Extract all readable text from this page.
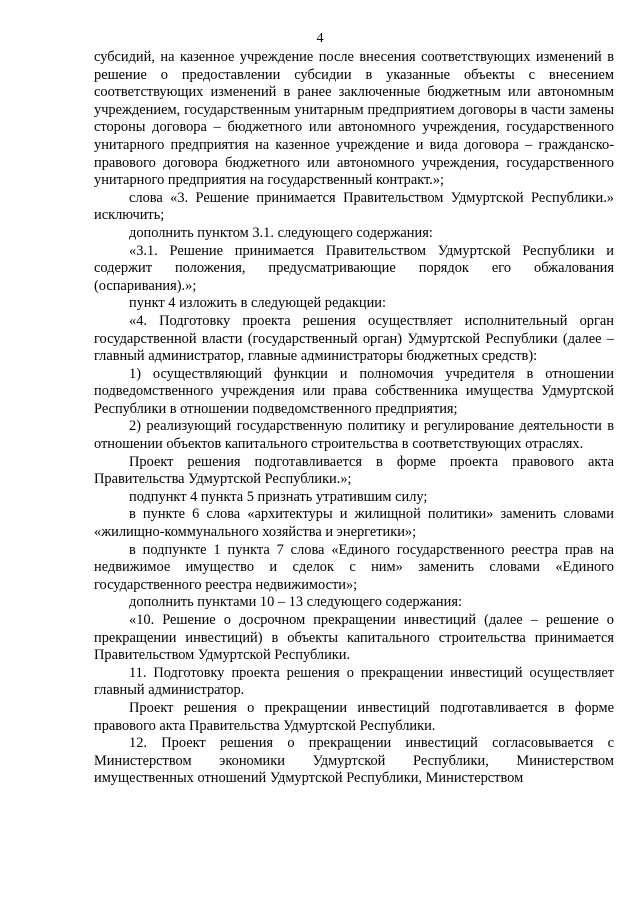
4

субсидий, на казенное учреждение после внесения соответствующих изменений в решение о предоставлении субсидии в указанные объекты с внесением соответствующих изменений в ранее заключенные бюджетным или автономным учреждением, государственным унитарным предприятием договоры в части замены стороны договора – бюджетного или автономного учреждения, государственного унитарного предприятия на казенное учреждение и вида договора – гражданско-правового договора бюджетного или автономного учреждения, государственного унитарного предприятия на государственный контракт.»;

слова «3. Решение принимается Правительством Удмуртской Республики.» исключить;

дополнить пунктом 3.1. следующего содержания:

«3.1. Решение принимается Правительством Удмуртской Республики и содержит положения, предусматривающие порядок его обжалования (оспаривания).»;

пункт 4 изложить в следующей редакции:

«4. Подготовку проекта решения осуществляет исполнительный орган государственной власти (государственный орган) Удмуртской Республики (далее – главный администратор, главные администраторы бюджетных средств):

1) осуществляющий функции и полномочия учредителя в отношении подведомственного учреждения или права собственника имущества Удмуртской Республики в отношении подведомственного предприятия;

2) реализующий государственную политику и регулирование деятельности в отношении объектов капитального строительства в соответствующих отраслях.

Проект решения подготавливается в форме проекта правового акта Правительства Удмуртской Республики.»;

подпункт 4 пункта 5 признать утратившим силу;

в пункте 6 слова «архитектуры и жилищной политики» заменить словами «жилищно-коммунального хозяйства и энергетики»;

в подпункте 1 пункта 7 слова «Единого государственного реестра прав на недвижимое имущество и сделок с ним» заменить словами «Единого государственного реестра недвижимости»;

дополнить пунктами 10 – 13 следующего содержания:

«10. Решение о досрочном прекращении инвестиций (далее – решение о прекращении инвестиций) в объекты капитального строительства принимается Правительством Удмуртской Республики.

11. Подготовку проекта решения о прекращении инвестиций осуществляет главный администратор.

Проект решения о прекращении инвестиций подготавливается в форме правового акта Правительства Удмуртской Республики.

12. Проект решения о прекращении инвестиций согласовывается с Министерством экономики Удмуртской Республики, Министерством имущественных отношений Удмуртской Республики, Министерством
